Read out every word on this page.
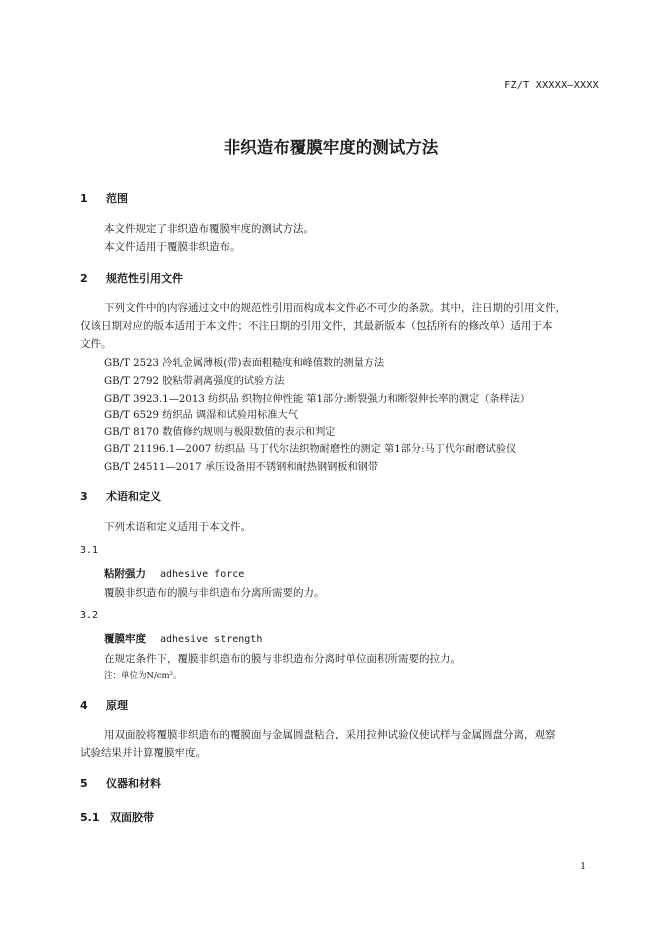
FZ/T XXXXX—XXXX
非织造布覆膜牢度的测试方法
1 范围
本文件规定了非织造布覆膜牢度的测试方法。
本文件适用于覆膜非织造布。
2 规范性引用文件
下列文件中的内容通过文中的规范性引用而构成本文件必不可少的条款。其中，注日期的引用文件，
仅该日期对应的版本适用于本文件；不注日期的引用文件，其最新版本（包括所有的修改单）适用于本
文件。
GB/T 2523 冷轧金属薄板(带)表面粗糙度和峰值数的测量方法
GB/T 2792 胶粘带剥离强度的试验方法
GB/T 3923.1—2013 纺织品 织物拉伸性能 第1部分:断裂强力和断裂伸长率的测定（条样法）
GB/T 6529 纺织品 调湿和试验用标准大气
GB/T 8170 数值修约规则与极限数值的表示和判定
GB/T 21196.1—2007 纺织品 马丁代尔法织物耐磨性的测定 第1部分:马丁代尔耐磨试验仪
GB/T 24511—2017 承压设备用不锈钢和耐热钢钢板和钢带
3 术语和定义
下列术语和定义适用于本文件。
3.1
粘附强力 adhesive force
覆膜非织造布的膜与非织造布分离所需要的力。
3.2
覆膜牢度 adhesive strength
在规定条件下，覆膜非织造布的膜与非织造布分离时单位面积所需要的拉力。
注：单位为N/cm²。
4 原理
用双面胶将覆膜非织造布的覆膜面与金属圆盘粘合，采用拉伸试验仪使试样与金属圆盘分离，观察
试验结果并计算覆膜牢度。
5 仪器和材料
5.1 双面胶带
1
